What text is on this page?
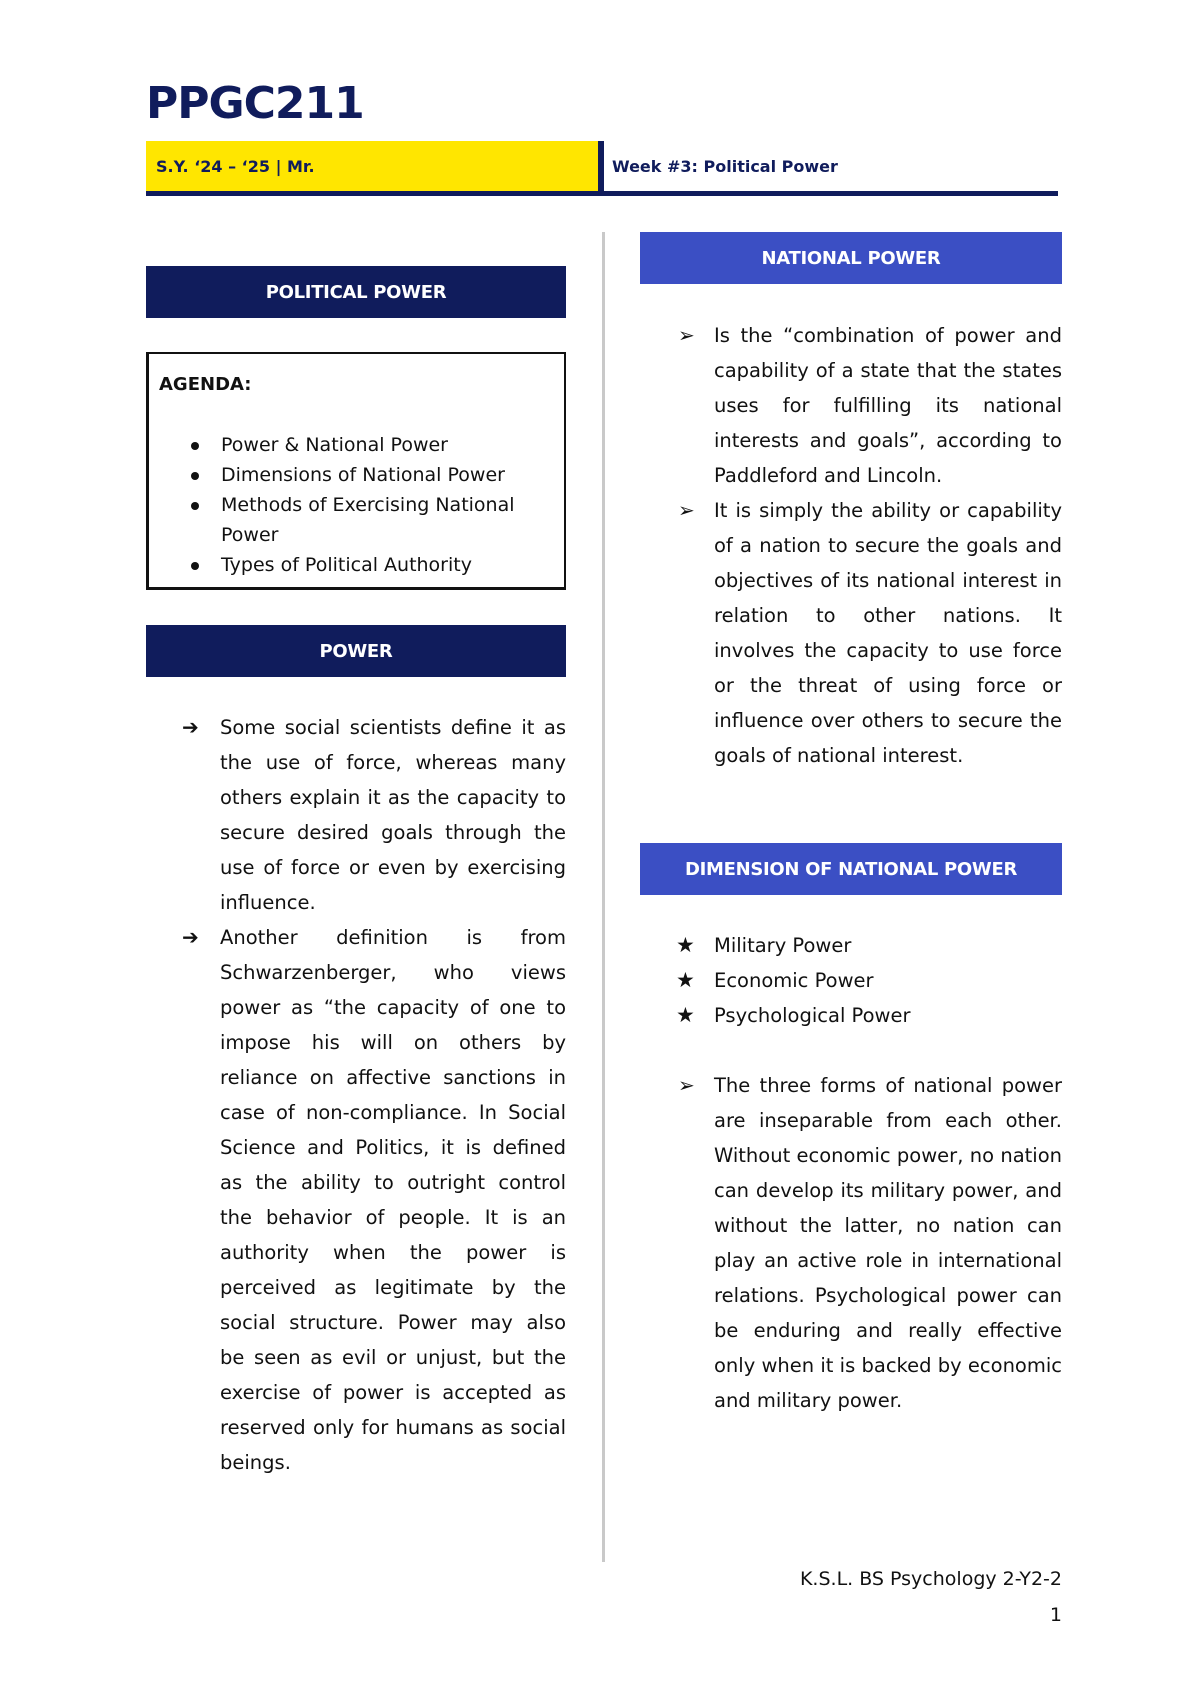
PPGC211
S.Y. ‘24 – ‘25 | Mr.	Week #3: Political Power
POLITICAL POWER
AGENDA:
Power & National Power
Dimensions of National Power
Methods of Exercising National Power
Types of Political Authority
POWER
➔ Some social scientists define it as the use of force, whereas many others explain it as the capacity to secure desired goals through the use of force or even by exercising influence.
➔ Another definition is from Schwarzenberger, who views power as “the capacity of one to impose his will on others by reliance on affective sanctions in case of non-compliance. In Social Science and Politics, it is defined as the ability to outright control the behavior of people. It is an authority when the power is perceived as legitimate by the social structure. Power may also be seen as evil or unjust, but the exercise of power is accepted as reserved only for humans as social beings.
NATIONAL POWER
➢ Is the “combination of power and capability of a state that the states uses for fulfilling its national interests and goals”, according to Paddleford and Lincoln.
➢ It is simply the ability or capability of a nation to secure the goals and objectives of its national interest in relation to other nations. It involves the capacity to use force or the threat of using force or influence over others to secure the goals of national interest.
DIMENSION OF NATIONAL POWER
★ Military Power
★ Economic Power
★ Psychological Power
➢ The three forms of national power are inseparable from each other. Without economic power, no nation can develop its military power, and without the latter, no nation can play an active role in international relations. Psychological power can be enduring and really effective only when it is backed by economic and military power.
K.S.L. BS Psychology 2-Y2-2
1
